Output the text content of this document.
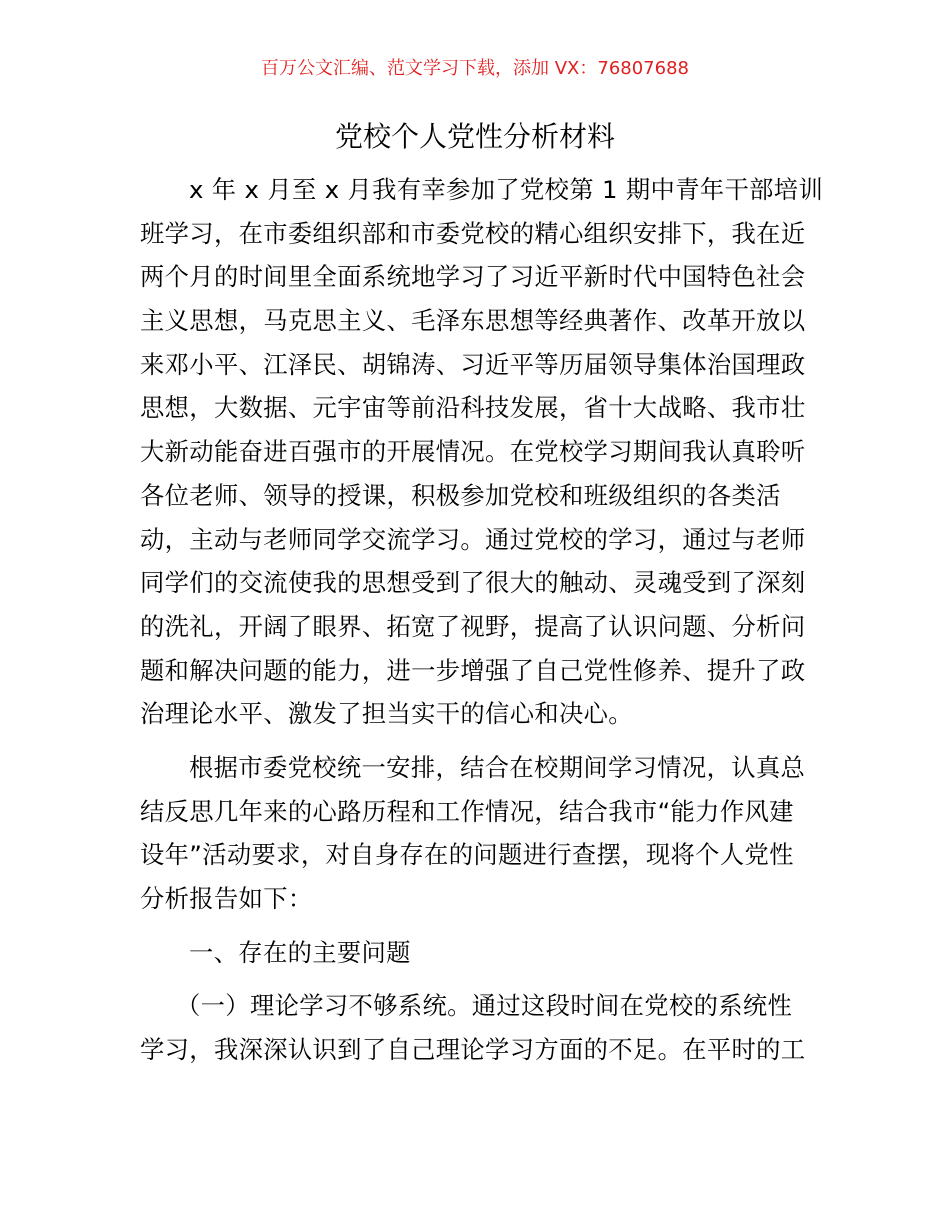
百万公文汇编、范文学习下载，添加 VX：76807688
党校个人党性分析材料
x 年 x 月至 x 月我有幸参加了党校第 1 期中青年干部培训
班学习，在市委组织部和市委党校的精心组织安排下，我在近
两个月的时间里全面系统地学习了习近平新时代中国特色社会
主义思想，马克思主义、毛泽东思想等经典著作、改革开放以
来邓小平、江泽民、胡锦涛、习近平等历届领导集体治国理政
思想，大数据、元宇宙等前沿科技发展，省十大战略、我市壮
大新动能奋进百强市的开展情况。在党校学习期间我认真聆听
各位老师、领导的授课，积极参加党校和班级组织的各类活
动，主动与老师同学交流学习。通过党校的学习，通过与老师
同学们的交流使我的思想受到了很大的触动、灵魂受到了深刻
的洗礼，开阔了眼界、拓宽了视野，提高了认识问题、分析问
题和解决问题的能力，进一步增强了自己党性修养、提升了政
治理论水平、激发了担当实干的信心和决心。
根据市委党校统一安排，结合在校期间学习情况，认真总
结反思几年来的心路历程和工作情况，结合我市“能力作风建
设年”活动要求，对自身存在的问题进行查摆，现将个人党性
分析报告如下：
一、存在的主要问题
（一）理论学习不够系统。通过这段时间在党校的系统性
学习，我深深认识到了自己理论学习方面的不足。在平时的工
